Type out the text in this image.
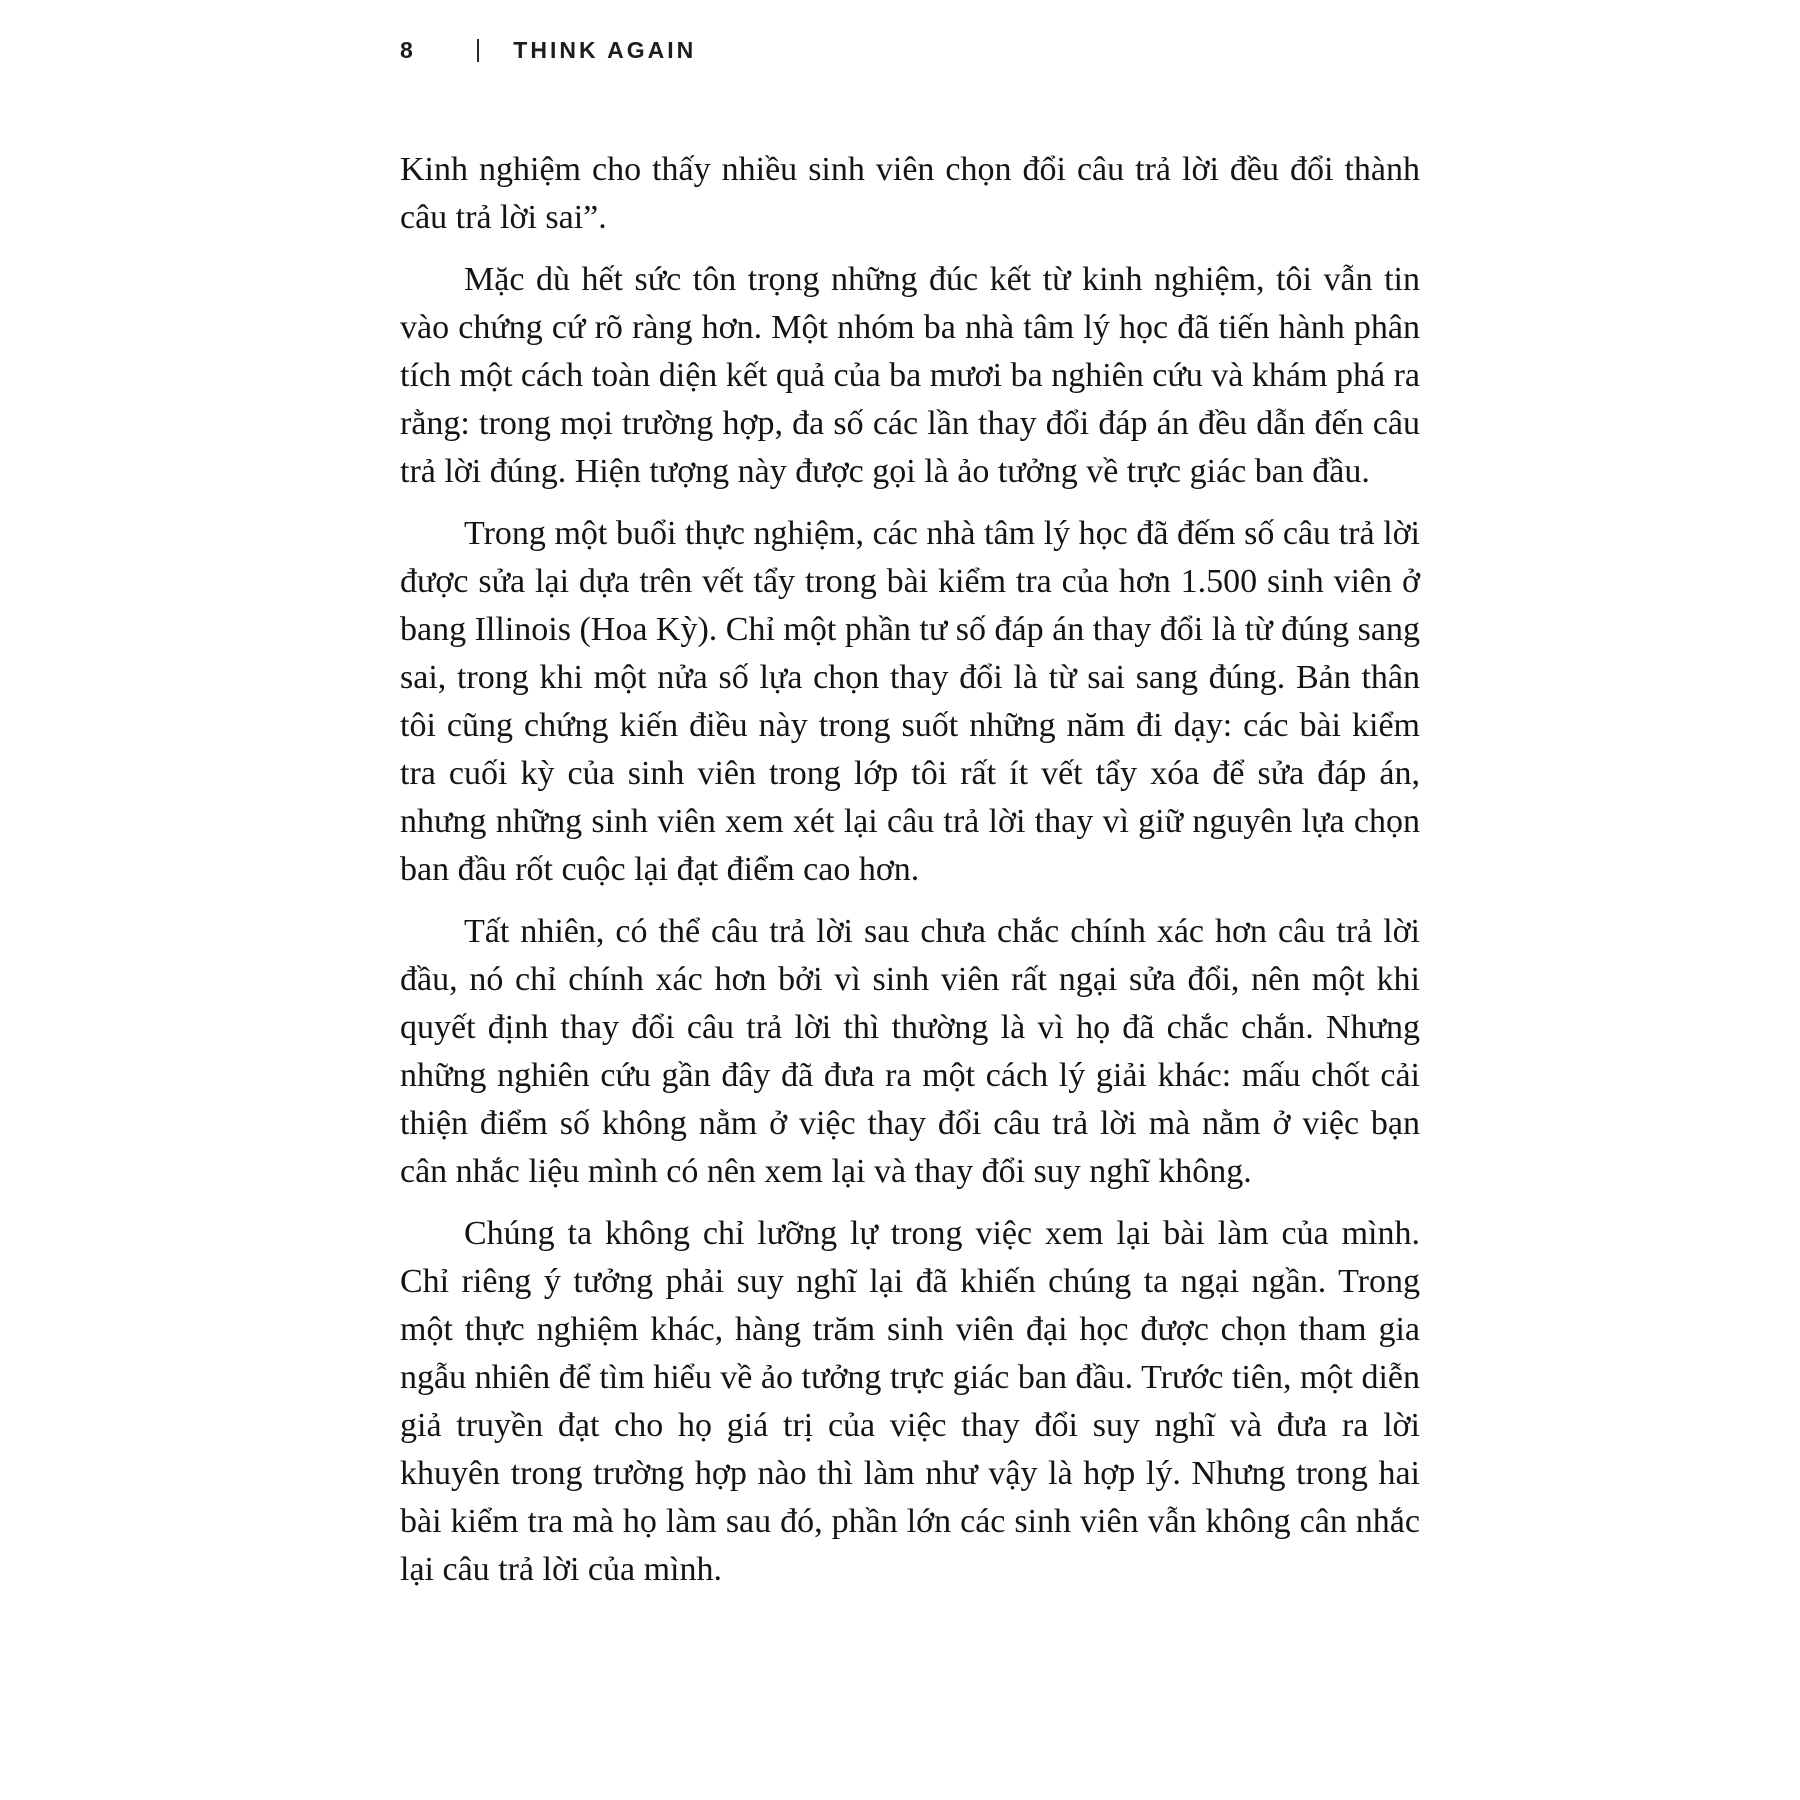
8 | THINK AGAIN

Kinh nghiệm cho thấy nhiều sinh viên chọn đổi câu trả lời đều đổi thành câu trả lời sai”.

Mặc dù hết sức tôn trọng những đúc kết từ kinh nghiệm, tôi vẫn tin vào chứng cứ rõ ràng hơn. Một nhóm ba nhà tâm lý học đã tiến hành phân tích một cách toàn diện kết quả của ba mươi ba nghiên cứu và khám phá ra rằng: trong mọi trường hợp, đa số các lần thay đổi đáp án đều dẫn đến câu trả lời đúng. Hiện tượng này được gọi là ảo tưởng về trực giác ban đầu.

Trong một buổi thực nghiệm, các nhà tâm lý học đã đếm số câu trả lời được sửa lại dựa trên vết tẩy trong bài kiểm tra của hơn 1.500 sinh viên ở bang Illinois (Hoa Kỳ). Chỉ một phần tư số đáp án thay đổi là từ đúng sang sai, trong khi một nửa số lựa chọn thay đổi là từ sai sang đúng. Bản thân tôi cũng chứng kiến điều này trong suốt những năm đi dạy: các bài kiểm tra cuối kỳ của sinh viên trong lớp tôi rất ít vết tẩy xóa để sửa đáp án, nhưng những sinh viên xem xét lại câu trả lời thay vì giữ nguyên lựa chọn ban đầu rốt cuộc lại đạt điểm cao hơn.

Tất nhiên, có thể câu trả lời sau chưa chắc chính xác hơn câu trả lời đầu, nó chỉ chính xác hơn bởi vì sinh viên rất ngại sửa đổi, nên một khi quyết định thay đổi câu trả lời thì thường là vì họ đã chắc chắn. Nhưng những nghiên cứu gần đây đã đưa ra một cách lý giải khác: mấu chốt cải thiện điểm số không nằm ở việc thay đổi câu trả lời mà nằm ở việc bạn cân nhắc liệu mình có nên xem lại và thay đổi suy nghĩ không.

Chúng ta không chỉ lưỡng lự trong việc xem lại bài làm của mình. Chỉ riêng ý tưởng phải suy nghĩ lại đã khiến chúng ta ngại ngần. Trong một thực nghiệm khác, hàng trăm sinh viên đại học được chọn tham gia ngẫu nhiên để tìm hiểu về ảo tưởng trực giác ban đầu. Trước tiên, một diễn giả truyền đạt cho họ giá trị của việc thay đổi suy nghĩ và đưa ra lời khuyên trong trường hợp nào thì làm như vậy là hợp lý. Nhưng trong hai bài kiểm tra mà họ làm sau đó, phần lớn các sinh viên vẫn không cân nhắc lại câu trả lời của mình.
